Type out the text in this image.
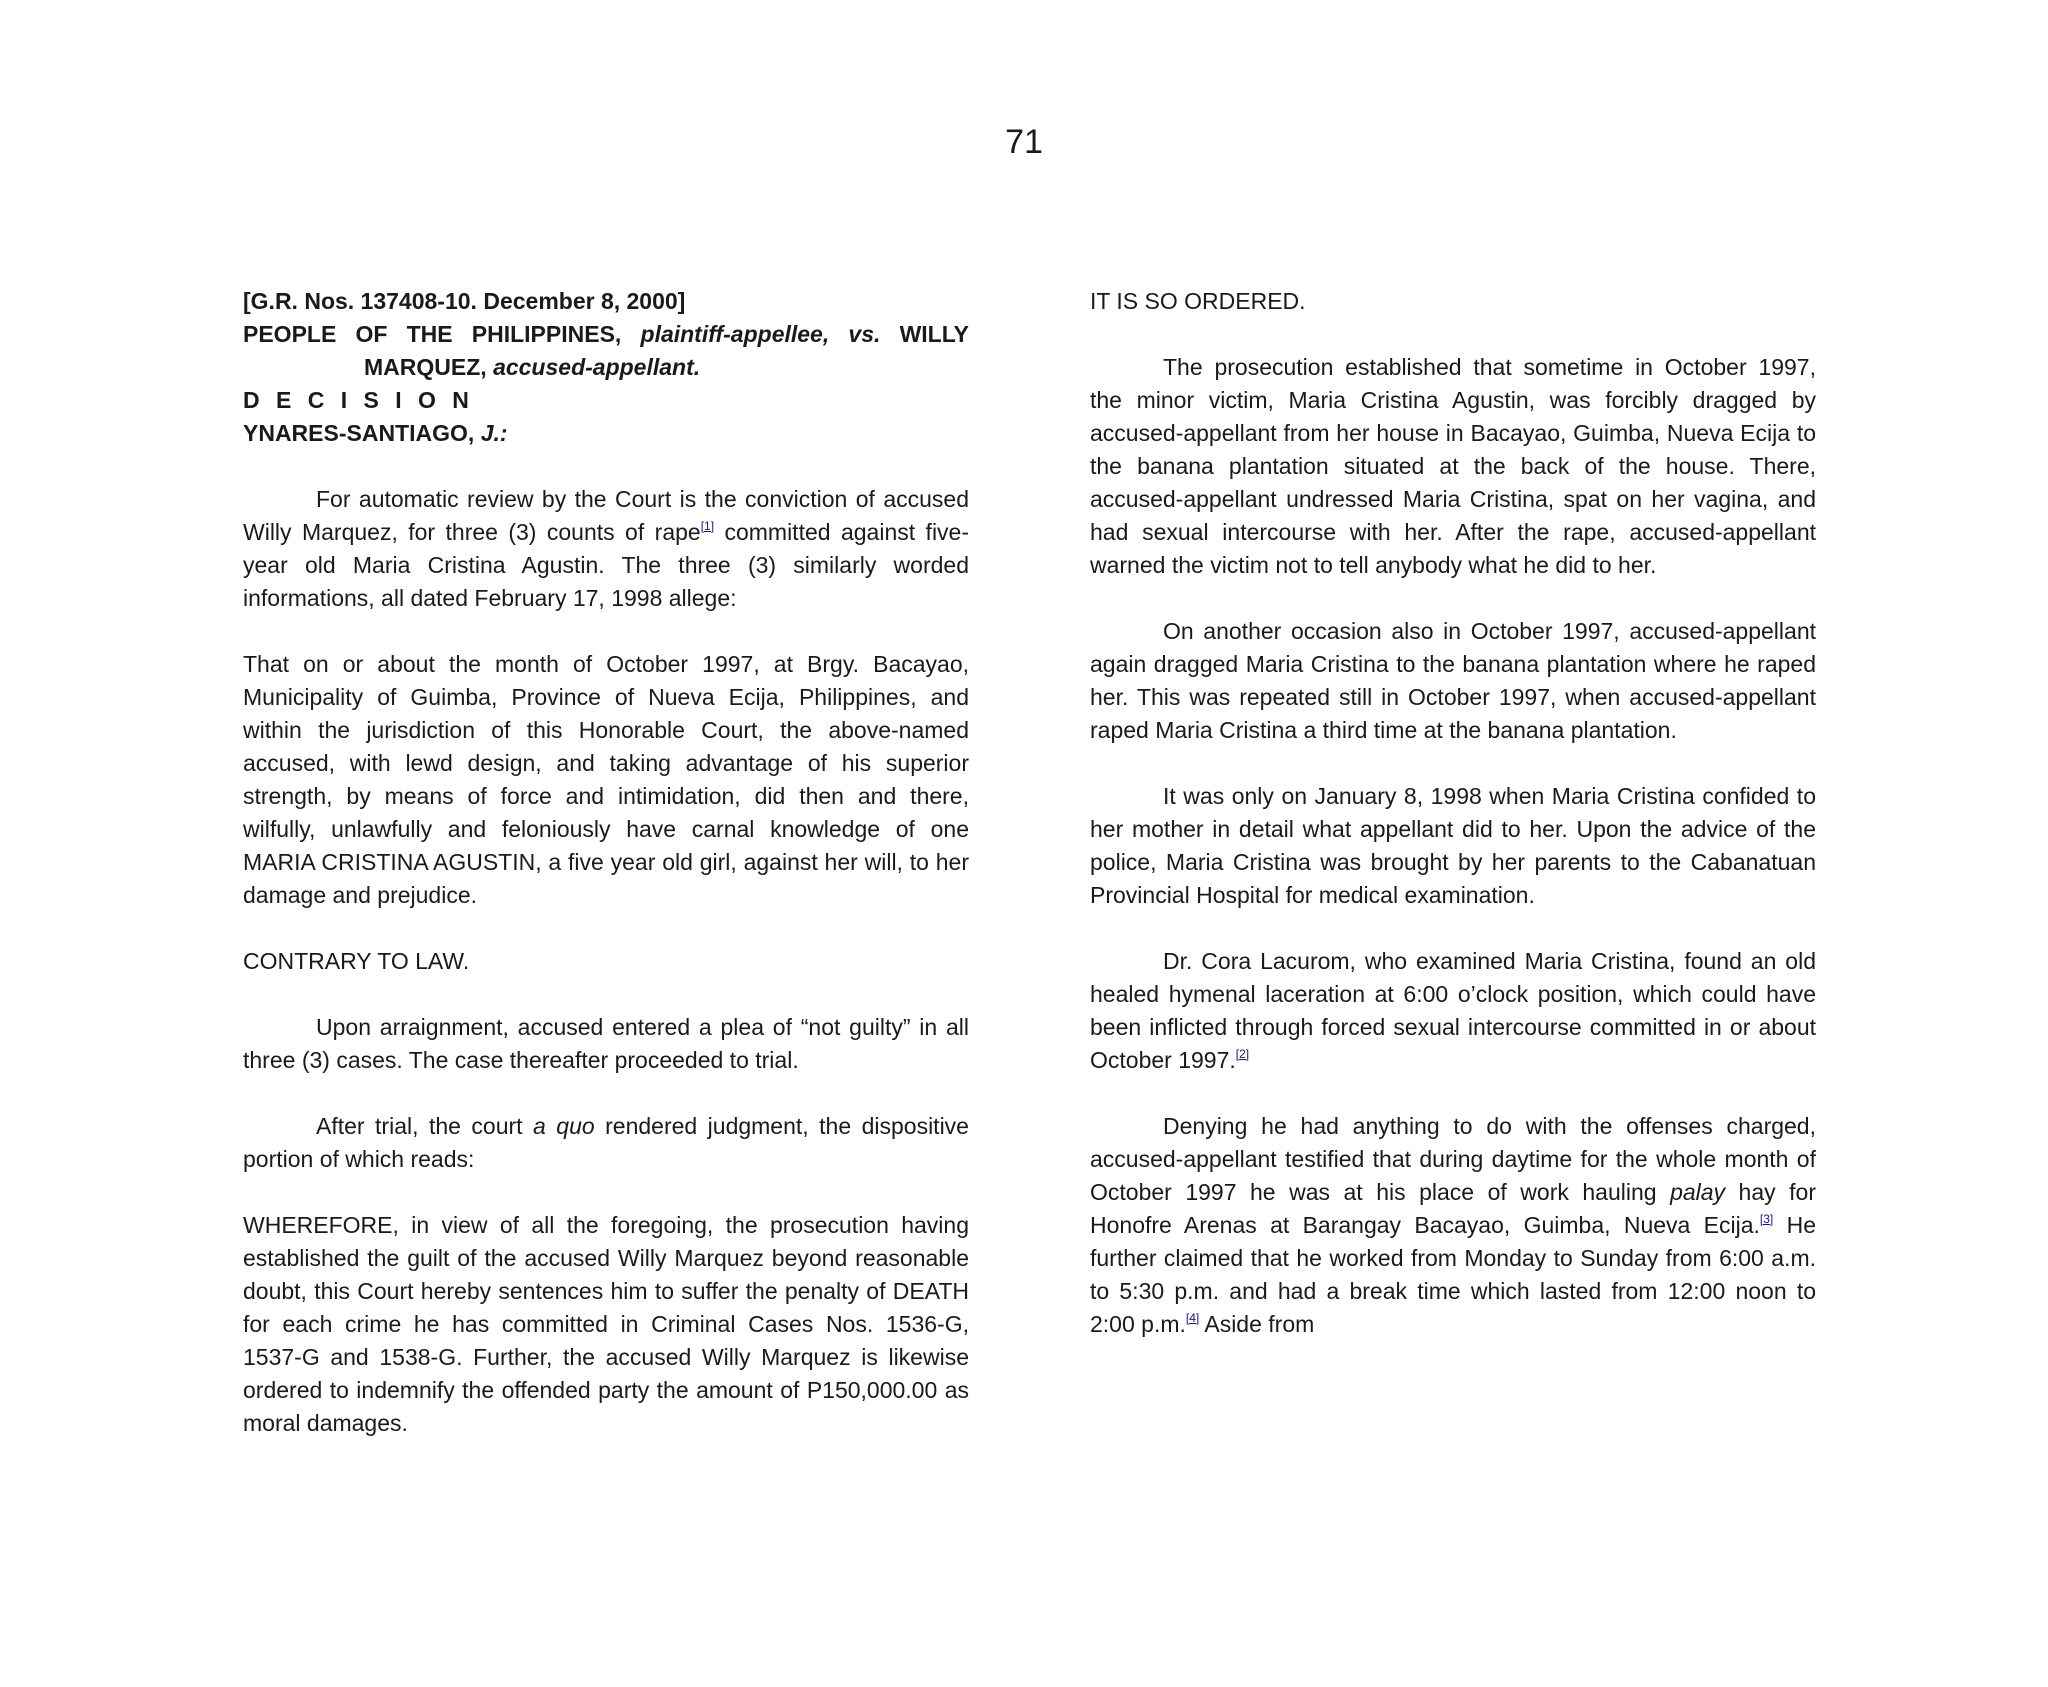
71

[G.R. Nos. 137408-10. December 8, 2000]

PEOPLE OF THE PHILIPPINES, plaintiff-appellee, vs. WILLY

MARQUEZ, accused-appellant.

D E C I S I O N

YNARES-SANTIAGO, J.:

For automatic review by the Court is the conviction of accused Willy Marquez, for three (3) counts of rape[1] committed against five-year old Maria Cristina Agustin. The three (3) similarly worded informations, all dated February 17, 1998 allege:

That on or about the month of October 1997, at Brgy. Bacayao, Municipality of Guimba, Province of Nueva Ecija, Philippines, and within the jurisdiction of this Honorable Court, the above-named accused, with lewd design, and taking advantage of his superior strength, by means of force and intimidation, did then and there, wilfully, unlawfully and feloniously have carnal knowledge of one MARIA CRISTINA AGUSTIN, a five year old girl, against her will, to her damage and prejudice.

CONTRARY TO LAW.

Upon arraignment, accused entered a plea of “not guilty” in all three (3) cases. The case thereafter proceeded to trial.

After trial, the court a quo rendered judgment, the dispositive portion of which reads:

WHEREFORE, in view of all the foregoing, the prosecution having established the guilt of the accused Willy Marquez beyond reasonable doubt, this Court hereby sentences him to suffer the penalty of DEATH for each crime he has committed in Criminal Cases Nos. 1536-G, 1537-G and 1538-G. Further, the accused Willy Marquez is likewise ordered to indemnify the offended party the amount of P150,000.00 as moral damages.

IT IS SO ORDERED.

The prosecution established that sometime in October 1997, the minor victim, Maria Cristina Agustin, was forcibly dragged by accused-appellant from her house in Bacayao, Guimba, Nueva Ecija to the banana plantation situated at the back of the house. There, accused-appellant undressed Maria Cristina, spat on her vagina, and had sexual intercourse with her. After the rape, accused-appellant warned the victim not to tell anybody what he did to her.

On another occasion also in October 1997, accused-appellant again dragged Maria Cristina to the banana plantation where he raped her. This was repeated still in October 1997, when accused-appellant raped Maria Cristina a third time at the banana plantation.

It was only on January 8, 1998 when Maria Cristina confided to her mother in detail what appellant did to her. Upon the advice of the police, Maria Cristina was brought by her parents to the Cabanatuan Provincial Hospital for medical examination.

Dr. Cora Lacurom, who examined Maria Cristina, found an old healed hymenal laceration at 6:00 o’clock position, which could have been inflicted through forced sexual intercourse committed in or about October 1997.[2]

Denying he had anything to do with the offenses charged, accused-appellant testified that during daytime for the whole month of October 1997 he was at his place of work hauling palay hay for Honofre Arenas at Barangay Bacayao, Guimba, Nueva Ecija.[3] He further claimed that he worked from Monday to Sunday from 6:00 a.m. to 5:30 p.m. and had a break time which lasted from 12:00 noon to 2:00 p.m.[4] Aside from
